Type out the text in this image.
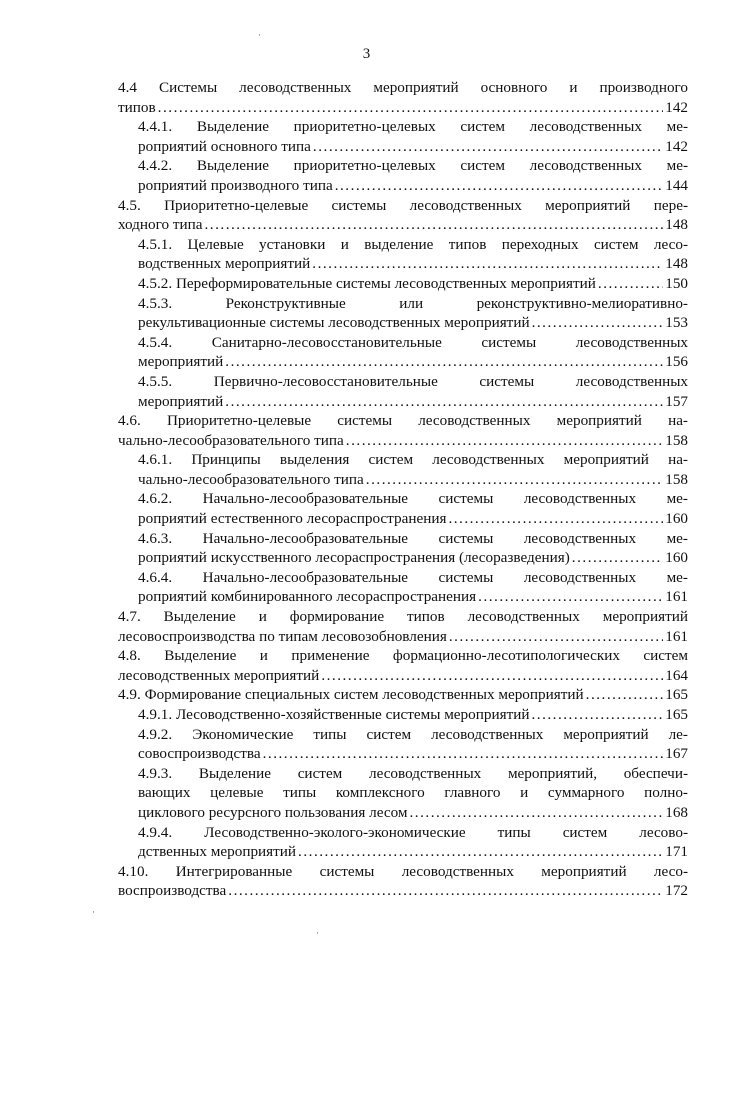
3
4.4 Системы лесоводственных мероприятий основного и производного
типов .....	142
4.4.1. Выделение приоритетно-целевых систем лесоводственных ме-
роприятий основного типа .....	142
4.4.2. Выделение приоритетно-целевых систем лесоводственных ме-
роприятий производного типа .....	144
4.5. Приоритетно-целевые системы лесоводственных мероприятий пере-
ходного типа .....	148
4.5.1. Целевые установки и выделение типов переходных систем лесо-
водственных мероприятий .....	148
4.5.2. Переформировательные системы лесоводственных мероприятий .....	150
4.5.3. Реконструктивные или реконструктивно-мелиоративно-
рекультивационные системы лесоводственных мероприятий .....	153
4.5.4. Санитарно-лесовосстановительные системы лесоводственных
мероприятий .....	156
4.5.5. Первично-лесовосстановительные системы лесоводственных
мероприятий .....	157
4.6. Приоритетно-целевые системы лесоводственных мероприятий на-
чально-лесообразовательного типа .....	158
4.6.1. Принципы выделения систем лесоводственных мероприятий на-
чально-лесообразовательного типа .....	158
4.6.2. Начально-лесообразовательные системы лесоводственных ме-
роприятий естественного лесораспространения .....	160
4.6.3. Начально-лесообразовательные системы лесоводственных ме-
роприятий искусственного лесораспространения (лесоразведения) .....	160
4.6.4. Начально-лесообразовательные системы лесоводственных ме-
роприятий комбинированного лесораспространения .....	161
4.7. Выделение и формирование типов лесоводственных мероприятий
лесовоспроизводства по типам лесовозобновления .....	161
4.8. Выделение и применение формационно-лесотипологических систем
лесоводственных мероприятий .....	164
4.9. Формирование специальных систем лесоводственных мероприятий .....	165
4.9.1. Лесоводственно-хозяйственные системы мероприятий .....	165
4.9.2. Экономические типы систем лесоводственных мероприятий ле-
совоспроизводства .....	167
4.9.3. Выделение систем лесоводственных мероприятий, обеспечи-
вающих целевые типы комплексного главного и суммарного полно-
циклового ресурсного пользования лесом .....	168
4.9.4. Лесоводственно-эколого-экономические типы систем лесово-
дственных мероприятий .....	171
4.10. Интегрированные системы лесоводственных мероприятий лесо-
воспроизводства .....	172
·
·
·
